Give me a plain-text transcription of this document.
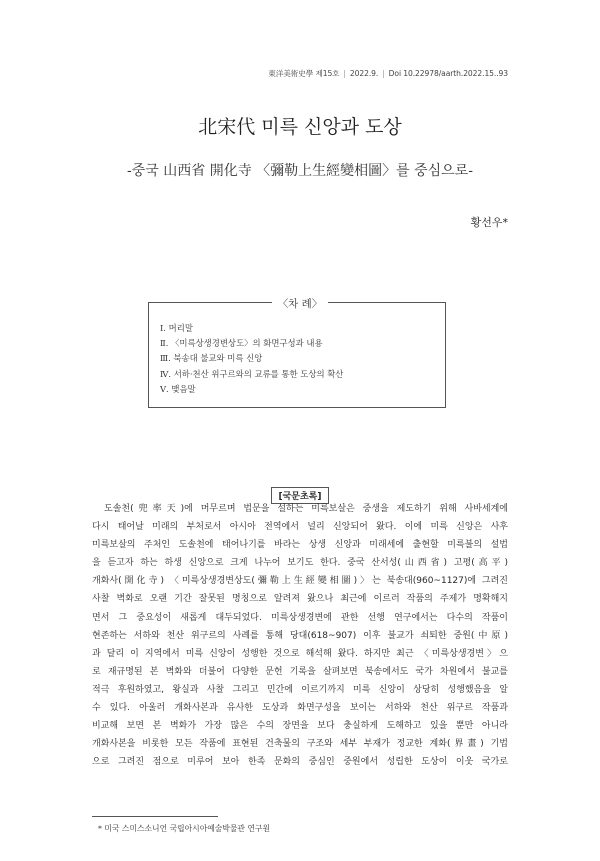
東洋美術史學 제15호 | 2022.9. | Doi 10.22978/aarth.2022.15..93
北宋代 미륵 신앙과 도상
-중국 山西省 開化寺 〈彌勒上生經變相圖〉를 중심으로-
황선우*
〈차 례〉
Ⅰ. 머리말
Ⅱ. 〈미륵상생경변상도〉의 화면구성과 내용
Ⅲ. 북송대 불교와 미륵 신앙
Ⅳ. 서하·천산 위구르와의 교류를 통한 도상의 확산
Ⅴ. 맺음말
[국문초록]
도솔천(兜率天)에 머무르며 법문을 설하는 미륵보살은 중생을 제도하기 위해 사바세계에
다시 태어날 미래의 부처로서 아시아 전역에서 널리 신앙되어 왔다. 이에 미륵 신앙은 사후
미륵보살의 주처인 도솔천에 태어나기를 바라는 상생 신앙과 미래세에 출현할 미륵불의 설법
을 듣고자 하는 하생 신앙으로 크게 나누어 보기도 한다. 중국 산서성(山西省) 고평(高平)
개화사(開化寺) 〈미륵상생경변상도(彌勒上生經變相圖)〉는 북송대(960~1127)에 그려진
사찰 벽화로 오랜 기간 잘못된 명칭으로 알려져 왔으나 최근에 이르러 작품의 주제가 명확해지
면서 그 중요성이 새롭게 대두되었다. 미륵상생경변에 관한 선행 연구에서는 다수의 작품이
현존하는 서하와 천산 위구르의 사례를 통해 당대(618~907) 이후 불교가 쇠퇴한 중원(中原)
과 달리 이 지역에서 미륵 신앙이 성행한 것으로 해석해 왔다. 하지만 최근 〈미륵상생경변〉으
로 재규명된 본 벽화와 더불어 다양한 문헌 기록을 살펴보면 북송에서도 국가 차원에서 불교를
적극 후원하였고, 왕실과 사찰 그리고 민간에 이르기까지 미륵 신앙이 상당히 성행했음을 알
수 있다. 아울러 개화사본과 유사한 도상과 화면구성을 보이는 서하와 천산 위구르 작품과
비교해 보면 본 벽화가 가장 많은 수의 장면을 보다 충실하게 도해하고 있을 뿐만 아니라
개화사본을 비롯한 모든 작품에 표현된 건축물의 구조와 세부 부재가 정교한 계화(界畫) 기법
으로 그려진 점으로 미루어 보아 한족 문화의 중심인 중원에서 성립한 도상이 이웃 국가로
* 미국 스미스소니언 국립아시아예술박물관 연구원
